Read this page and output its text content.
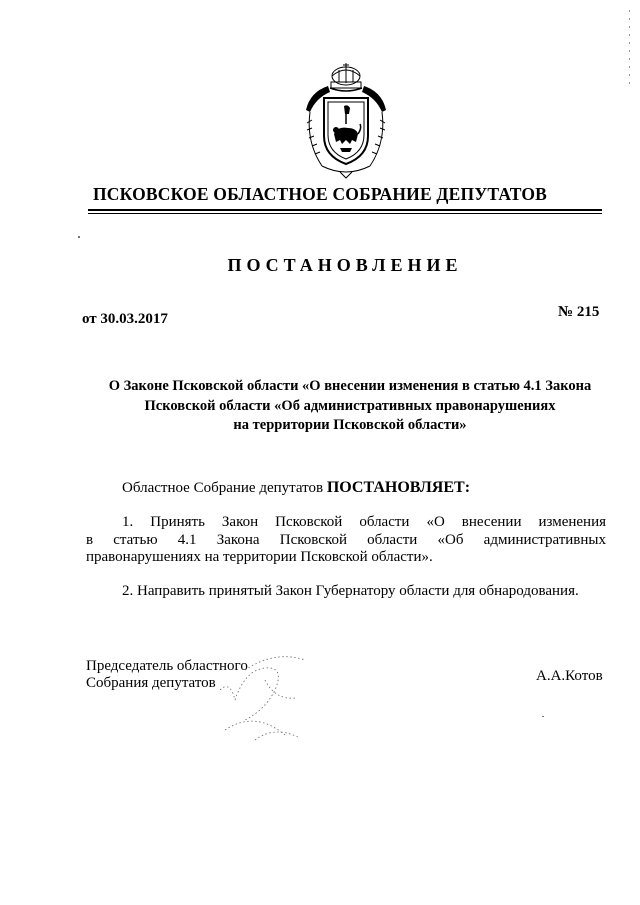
ПСКОВСКОЕ ОБЛАСТНОЕ СОБРАНИЕ ДЕПУТАТОВ
ПОСТАНОВЛЕНИЕ
от 30.03.2017	№ 215
О Законе Псковской области «О внесении изменения в статью 4.1 Закона
Псковской области «Об административных правонарушениях
на территории Псковской области»
Областное Собрание депутатов ПОСТАНОВЛЯЕТ:
1. Принять Закон Псковской области «О внесении изменения
в статью 4.1 Закона Псковской области «Об административных
правонарушениях на территории Псковской области».
2. Направить принятый Закон Губернатору области для обнародования.
Председатель областного
Собрания депутатов	А.А.Котов
